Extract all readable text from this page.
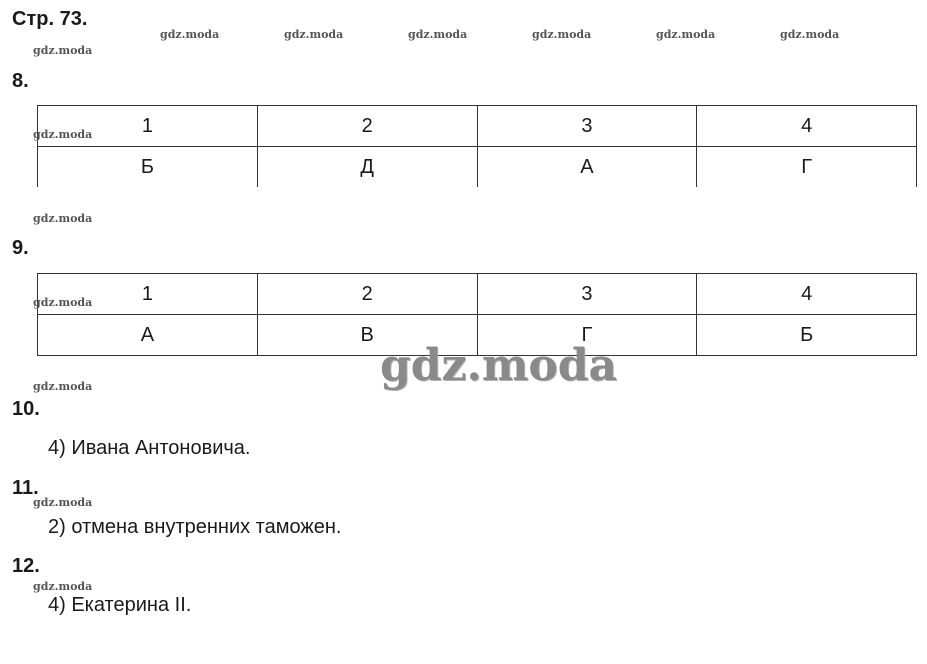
Стр. 73.
gdz.moda	gdz.moda	gdz.moda	gdz.moda	gdz.moda	gdz.moda
gdz.moda
8.
1	2	3	4
Б	Д	А	Г
gdz.moda
gdz.moda
9.
1	2	3	4
А	В	Г	Б
gdz.moda
gdz.moda
gdz.moda
10.
4) Ивана Антоновича.
11.
gdz.moda
2) отмена внутренних таможен.
12.
gdz.moda
4) Екатерина II.
